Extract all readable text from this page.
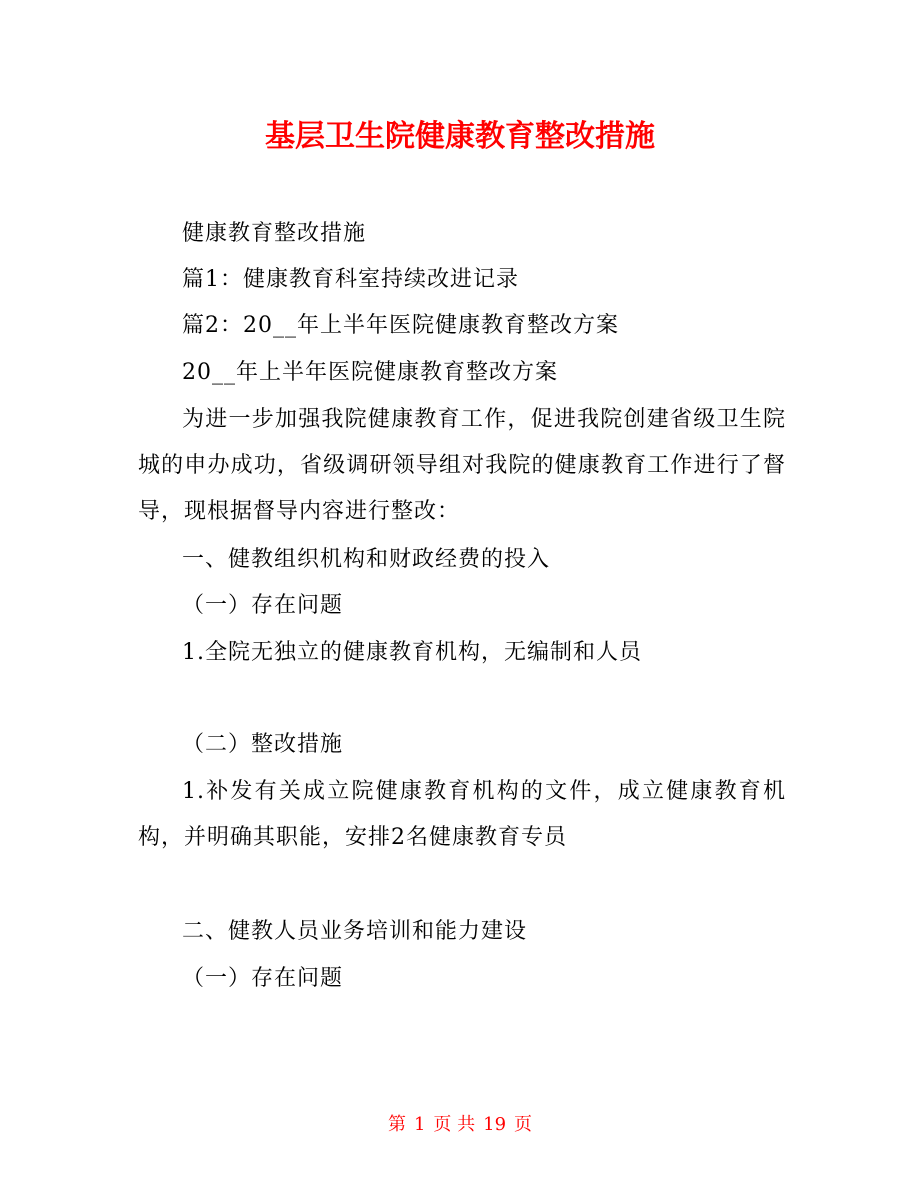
基层卫生院健康教育整改措施

健康教育整改措施

篇1：健康教育科室持续改进记录

篇2：20__年上半年医院健康教育整改方案

20__年上半年医院健康教育整改方案

为进一步加强我院健康教育工作，促进我院创建省级卫生院城的申办成功，省级调研领导组对我院的健康教育工作进行了督导，现根据督导内容进行整改：

一、健教组织机构和财政经费的投入

（一）存在问题

1.全院无独立的健康教育机构，无编制和人员

（二）整改措施

1.补发有关成立院健康教育机构的文件，成立健康教育机构，并明确其职能，安排2名健康教育专员

二、健教人员业务培训和能力建设

（一）存在问题

第 1 页 共 19 页
